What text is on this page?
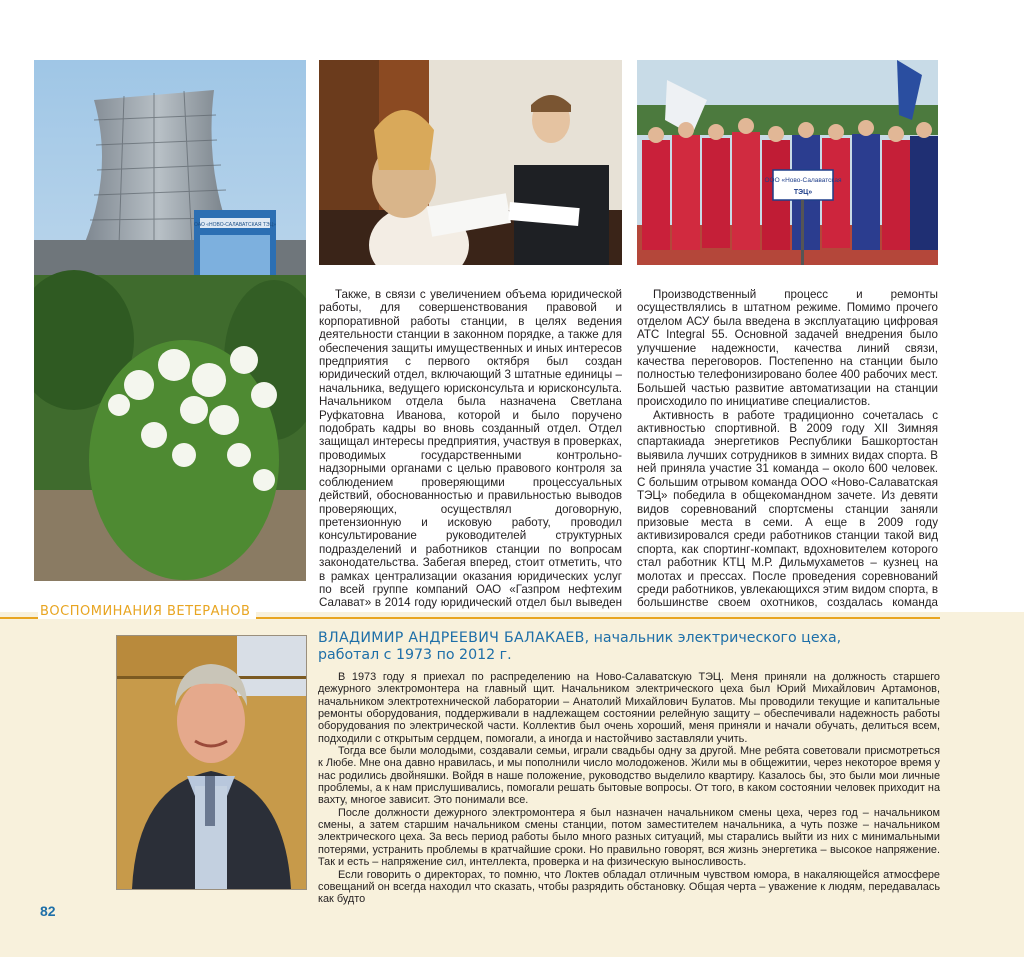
ОАО «НОВО-САЛАВАТСКАЯ ТЭЦ»
ООО «Ново-Салаватская
ТЭЦ»

Также, в связи с увеличением объема юридической работы, для совершенствования правовой и корпоративной работы станции, в целях ведения деятельности станции в законном порядке, а также для обеспечения защиты имущественных и иных интересов предприятия с первого октября был создан юридический отдел, включающий 3 штатные единицы – начальника, ведущего юрисконсульта и юрисконсульта. Начальником отдела была назначена Светлана Руфкатовна Иванова, которой и было поручено подобрать кадры во вновь созданный отдел. Отдел защищал интересы предприятия, участвуя в проверках, проводимых государственными контрольно-надзорными органами с целью правового контроля за соблюдением проверяющими процессуальных действий, обоснованностью и правильностью выводов проверяющих, осуществлял договорную, претензионную и исковую работу, проводил консультирование руководителей структурных подразделений и работников станции по вопросам законодательства. Забегая вперед, стоит отметить, что в рамках централизации оказания юридических услуг по всей группе компаний ОАО «Газпром нефтехим Салават» в 2014 году юридический отдел был выведен

Производственный процесс и ремонты осуществлялись в штатном режиме. Помимо прочего отделом АСУ была введена в эксплуатацию цифровая АТС Integral 55. Основной задачей внедрения было улучшение надежности, качества линий связи, качества переговоров. Постепенно на станции было полностью телефонизировано более 400 рабочих мест. Большей частью развитие автоматизации на станции происходило по инициативе специалистов.

Активность в работе традиционно сочеталась с активностью спортивной. В 2009 году XII Зимняя спартакиада энергетиков Республики Башкортостан выявила лучших сотрудников в зимних видах спорта. В ней приняла участие 31 команда – около 600 человек. С большим отрывом команда ООО «Ново-Салаватская ТЭЦ» победила в общекомандном зачете. Из девяти видов соревнований спортсмены станции заняли призовые места в семи. А еще в 2009 году активизировался среди работников станции такой вид спорта, как спортинг-компакт, вдохновителем которого стал работник КТЦ М.Р. Дильмухаметов – кузнец на молотах и прессах. После проведения соревнований среди работников, увлекающихся этим видом спорта, в большинстве своем охотников, создалась команда

ВОСПОМИНАНИЯ ВЕТЕРАНОВ
ВЛАДИМИР АНДРЕЕВИЧ БАЛАКАЕВ, начальник электрического цеха,
работал с 1973 по 2012 г.

В 1973 году я приехал по распределению на Ново-Салаватскую ТЭЦ. Меня приняли на должность старшего дежурного электромонтера на главный щит. Начальником электрического цеха был Юрий Михайлович Артамонов, начальником электротехнической лаборатории – Анатолий Михайлович Булатов. Мы проводили текущие и капитальные ремонты оборудования, поддерживали в надлежащем состоянии релейную защиту – обеспечивали надежность работы оборудования по электрической части. Коллектив был очень хороший, меня приняли и начали обучать, делиться всем, подходили с открытым сердцем, помогали, а иногда и настойчиво заставляли учить.

Тогда все были молодыми, создавали семьи, играли свадьбы одну за другой. Мне ребята советовали присмотреться к Любе. Мне она давно нравилась, и мы пополнили число молодоженов. Жили мы в общежитии, через некоторое время у нас родились двойняшки. Войдя в наше положение, руководство выделило квартиру. Казалось бы, это были мои личные проблемы, а к нам прислушивались, помогали решать бытовые вопросы. От того, в каком состоянии человек приходит на вахту, многое зависит. Это понимали все.

После должности дежурного электромонтера я был назначен начальником смены цеха, через год – начальником смены, а затем старшим начальником смены станции, потом заместителем начальника, а чуть позже – начальником электрического цеха. За весь период работы было много разных ситуаций, мы старались выйти из них с минимальными потерями, устранить проблемы в кратчайшие сроки. Но правильно говорят, вся жизнь энергетика – высокое напряжение. Так и есть – напряжение сил, интеллекта, проверка и на физическую выносливость.

Если говорить о директорах, то помню, что Локтев обладал отличным чувством юмора, в накаляющейся атмосфере совещаний он всегда находил что сказать, чтобы разрядить обстановку. Общая черта – уважение к людям, передавалась как будто

82
